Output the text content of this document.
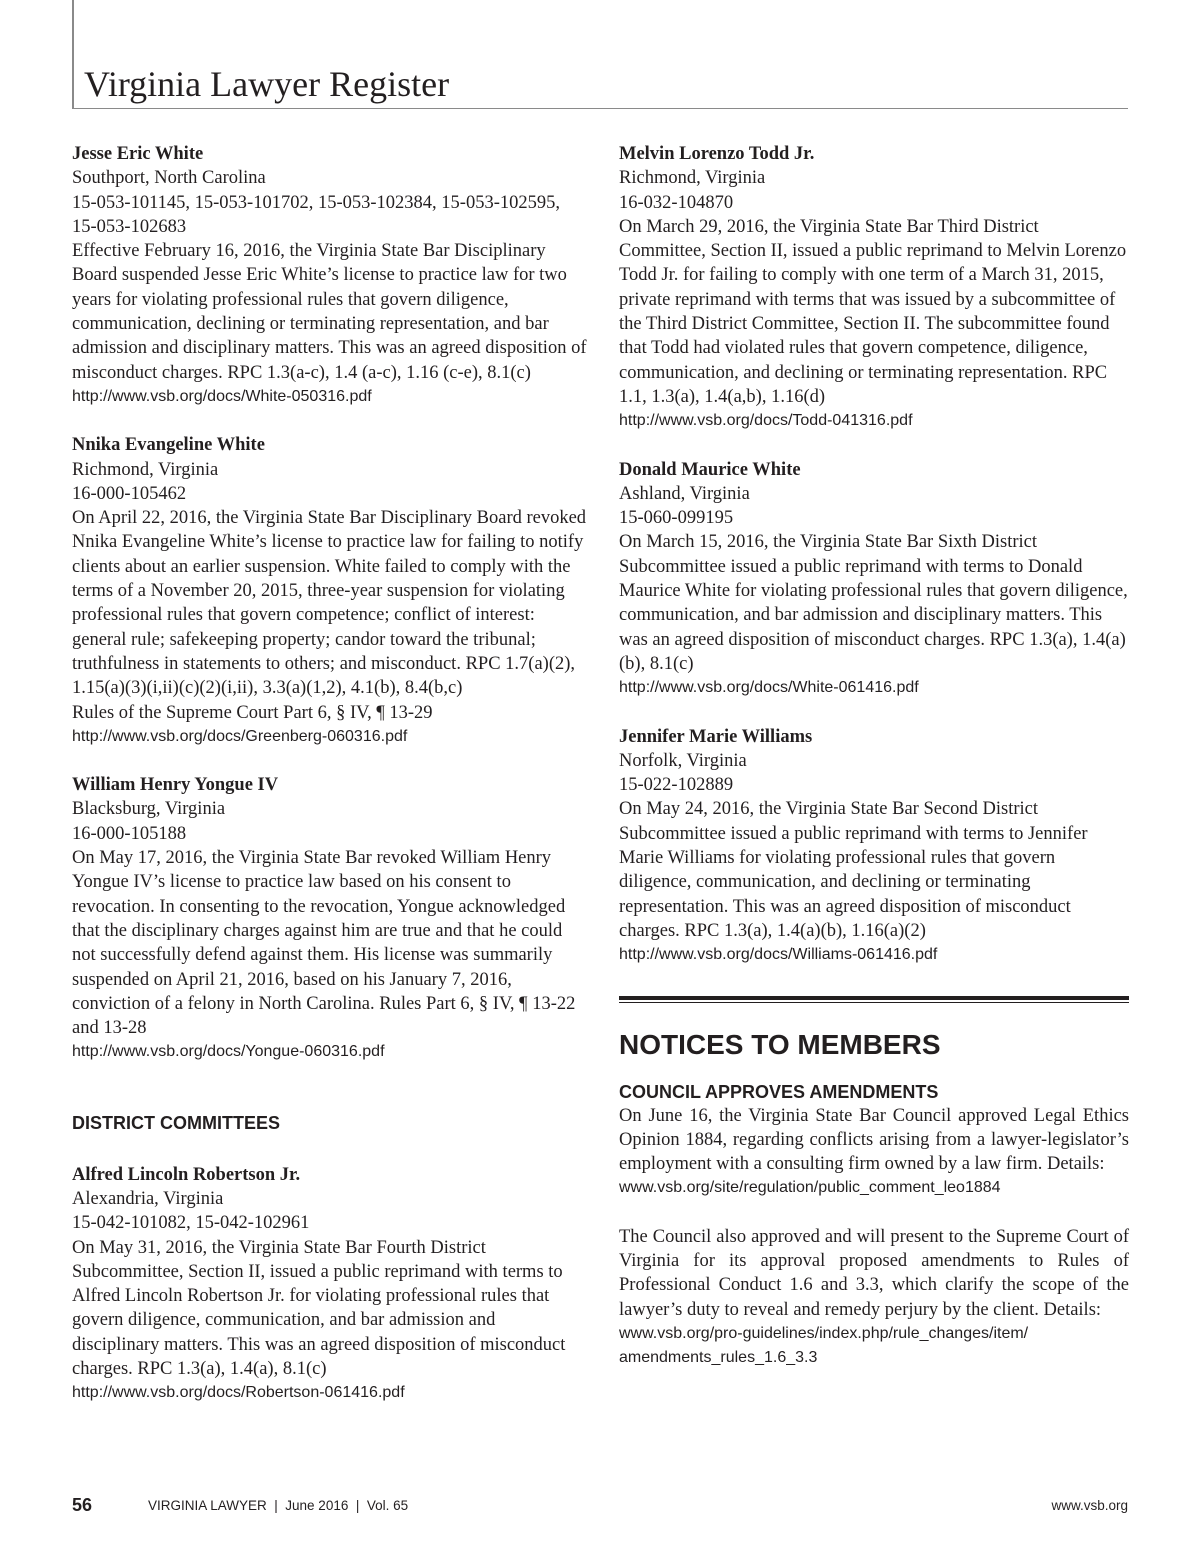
Virginia Lawyer Register

Jesse Eric White

Southport, North Carolina

15-053-101145, 15-053-101702, 15-053-102384, 15-053-102595, 15-053-102683

Effective February 16, 2016, the Virginia State Bar Disciplinary Board suspended Jesse Eric White’s license to practice law for two years for violating professional rules that govern diligence, communication, declining or terminating representation, and bar admission and disciplinary matters. This was an agreed disposition of misconduct charges. RPC 1.3(a-c), 1.4 (a-c), 1.16 (c-e), 8.1(c)

http://www.vsb.org/docs/White-050316.pdf

Nnika Evangeline White

Richmond, Virginia

16-000-105462

On April 22, 2016, the Virginia State Bar Disciplinary Board revoked Nnika Evangeline White’s license to practice law for failing to notify clients about an earlier suspension. White failed to comply with the terms of a November 20, 2015, three-year suspension for violating professional rules that govern competence; conflict of interest: general rule; safekeeping property; candor toward the tribunal; truthfulness in statements to others; and misconduct. RPC 1.7(a)(2), 1.15(a)(3)(i,ii)(c)(2)(i,ii), 3.3(a)(1,2), 4.1(b), 8.4(b,c)

Rules of the Supreme Court Part 6, § IV, ¶ 13-29

http://www.vsb.org/docs/Greenberg-060316.pdf

William Henry Yongue IV

Blacksburg, Virginia

16-000-105188

On May 17, 2016, the Virginia State Bar revoked William Henry Yongue IV’s license to practice law based on his consent to revocation. In consenting to the revocation, Yongue acknowledged that the disciplinary charges against him are true and that he could not successfully defend against them. His license was summarily suspended on April 21, 2016, based on his January 7, 2016, conviction of a felony in North Carolina. Rules Part 6, § IV, ¶ 13-22 and 13-28

http://www.vsb.org/docs/Yongue-060316.pdf

DISTRICT COMMITTEES

Alfred Lincoln Robertson Jr.

Alexandria, Virginia

15-042-101082, 15-042-102961

On May 31, 2016, the Virginia State Bar Fourth District Subcommittee, Section II, issued a public reprimand with terms to Alfred Lincoln Robertson Jr. for violating professional rules that govern diligence, communication, and bar admission and disciplinary matters. This was an agreed disposition of misconduct charges. RPC 1.3(a), 1.4(a), 8.1(c)

http://www.vsb.org/docs/Robertson-061416.pdf

Melvin Lorenzo Todd Jr.

Richmond, Virginia

16-032-104870

On March 29, 2016, the Virginia State Bar Third District Committee, Section II, issued a public reprimand to Melvin Lorenzo Todd Jr. for failing to comply with one term of a March 31, 2015, private reprimand with terms that was issued by a subcommittee of the Third District Committee, Section II. The subcommittee found that Todd had violated rules that govern competence, diligence, communication, and declining or terminating representation. RPC 1.1, 1.3(a), 1.4(a,b), 1.16(d)

http://www.vsb.org/docs/Todd-041316.pdf

Donald Maurice White

Ashland, Virginia

15-060-099195

On March 15, 2016, the Virginia State Bar Sixth District Subcommittee issued a public reprimand with terms to Donald Maurice White for violating professional rules that govern diligence, communication, and bar admission and disciplinary matters. This was an agreed disposition of misconduct charges. RPC 1.3(a), 1.4(a)(b), 8.1(c)

http://www.vsb.org/docs/White-061416.pdf

Jennifer Marie Williams

Norfolk, Virginia

15-022-102889

On May 24, 2016, the Virginia State Bar Second District Subcommittee issued a public reprimand with terms to Jennifer Marie Williams for violating professional rules that govern diligence, communication, and declining or terminating representation. This was an agreed disposition of misconduct charges. RPC 1.3(a), 1.4(a)(b), 1.16(a)(2)

http://www.vsb.org/docs/Williams-061416.pdf

NOTICES TO MEMBERS

COUNCIL APPROVES AMENDMENTS

On June 16, the Virginia State Bar Council approved Legal Ethics Opinion 1884, regarding conflicts arising from a lawyer-legislator’s employment with a consulting firm owned by a law firm. Details:

www.vsb.org/site/regulation/public_comment_leo1884

The Council also approved and will present to the Supreme Court of Virginia for its approval proposed amendments to Rules of Professional Conduct 1.6 and 3.3, which clarify the scope of the lawyer’s duty to reveal and remedy perjury by the client. Details:

www.vsb.org/pro-guidelines/index.php/rule_changes/item/
amendments_rules_1.6_3.3
56	VIRGINIA LAWYER  |  June 2016  |  Vol. 65	www.vsb.org
